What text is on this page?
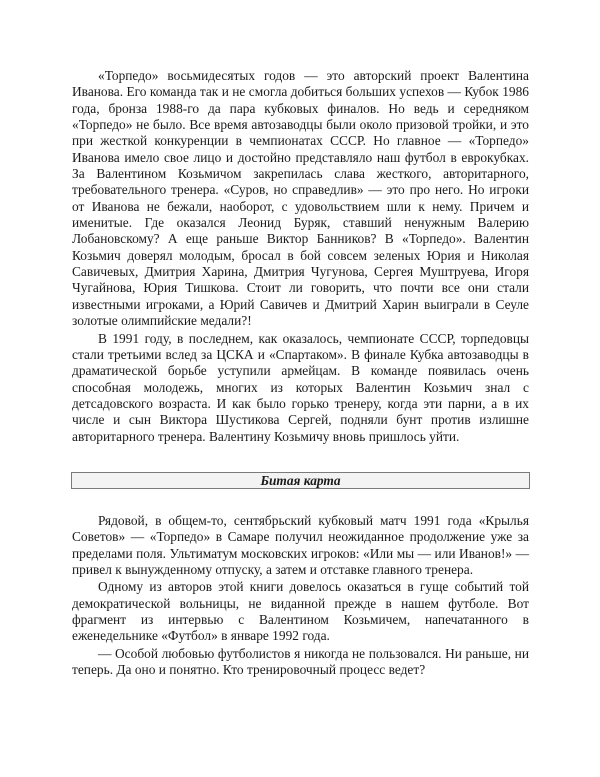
«Торпедо» восьмидесятых годов — это авторский проект Валентина Иванова. Его команда так и не смогла добиться больших успехов — Кубок 1986 года, бронза 1988-го да пара кубковых финалов. Но ведь и середняком «Торпедо» не было. Все время автозаводцы были около призовой тройки, и это при жесткой конкуренции в чемпионатах СССР. Но главное — «Торпедо» Иванова имело свое лицо и достойно представляло наш футбол в еврокубках. За Валентином Козьмичом закрепилась слава жесткого, авторитарного, требовательного тренера. «Суров, но справедлив» — это про него. Но игроки от Иванова не бежали, наоборот, с удовольствием шли к нему. Причем и именитые. Где оказался Леонид Буряк, ставший ненужным Валерию Лобановскому? А еще раньше Виктор Банников? В «Торпедо». Валентин Козьмич доверял молодым, бросал в бой совсем зеленых Юрия и Николая Савичевых, Дмитрия Харина, Дмитрия Чугунова, Сергея Муштруева, Игоря Чугайнова, Юрия Тишкова. Стоит ли говорить, что почти все они стали известными игроками, а Юрий Савичев и Дмитрий Харин выиграли в Сеуле золотые олимпийские медали?!

В 1991 году, в последнем, как оказалось, чемпионате СССР, торпедовцы стали третьими вслед за ЦСКА и «Спартаком». В финале Кубка автозаводцы в драматической борьбе уступили армейцам. В команде появилась очень способная молодежь, многих из которых Валентин Козьмич знал с детсадовского возраста. И как было горько тренеру, когда эти парни, а в их числе и сын Виктора Шустикова Сергей, подняли бунт против излишне авторитарного тренера. Валентину Козьмичу вновь пришлось уйти.

Битая карта

Рядовой, в общем-то, сентябрьский кубковый матч 1991 года «Крылья Советов» — «Торпедо» в Самаре получил неожиданное продолжение уже за пределами поля. Ультиматум московских игроков: «Или мы — или Иванов!» — привел к вынужденному отпуску, а затем и отставке главного тренера.

Одному из авторов этой книги довелось оказаться в гуще событий той демократической вольницы, не виданной прежде в нашем футболе. Вот фрагмент из интервью с Валентином Козьмичем, напечатанного в еженедельнике «Футбол» в январе 1992 года.

— Особой любовью футболистов я никогда не пользовался. Ни раньше, ни теперь. Да оно и понятно. Кто тренировочный процесс ведет?
